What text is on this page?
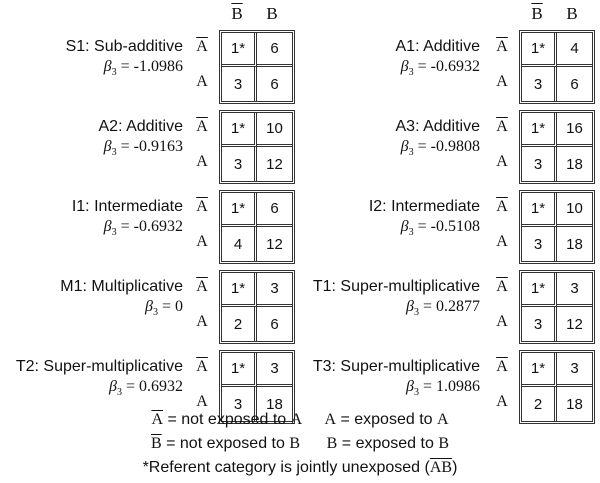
$\overline{B}$	B	$\overline{B}$	B
S1: Sub-additive
$\beta_3 = -1.0986$
$\overline{A}$
A
1*	6
3	6
A1: Additive
$\beta_3 = -0.6932$
$\overline{A}$
A
1*	4
3	6
A2: Additive
$\beta_3 = -0.9163$
$\overline{A}$
A
1*	10
3	12
A3: Additive
$\beta_3 = -0.9808$
$\overline{A}$
A
1*	16
3	18
I1: Intermediate
$\beta_3 = -0.6932$
$\overline{A}$
A
1*	6
4	12
I2: Intermediate
$\beta_3 = -0.5108$
$\overline{A}$
A
1*	10
3	18
M1: Multiplicative
$\beta_3 = 0$
$\overline{A}$
A
1*	3
2	6
T1: Super-multiplicative
$\beta_3 = 0.2877$
$\overline{A}$
A
1*	3
3	12
T2: Super-multiplicative
$\beta_3 = 0.6932$
$\overline{A}$
A
1*	3
3	18
T3: Super-multiplicative
$\beta_3 = 1.0986$
$\overline{A}$
A
1*	3
2	18
$\overline{A}$ = not exposed to A A = exposed to A
$\overline{B}$ = not exposed to B B = exposed to B
*Referent category is jointly unexposed $(\overline{AB})$
